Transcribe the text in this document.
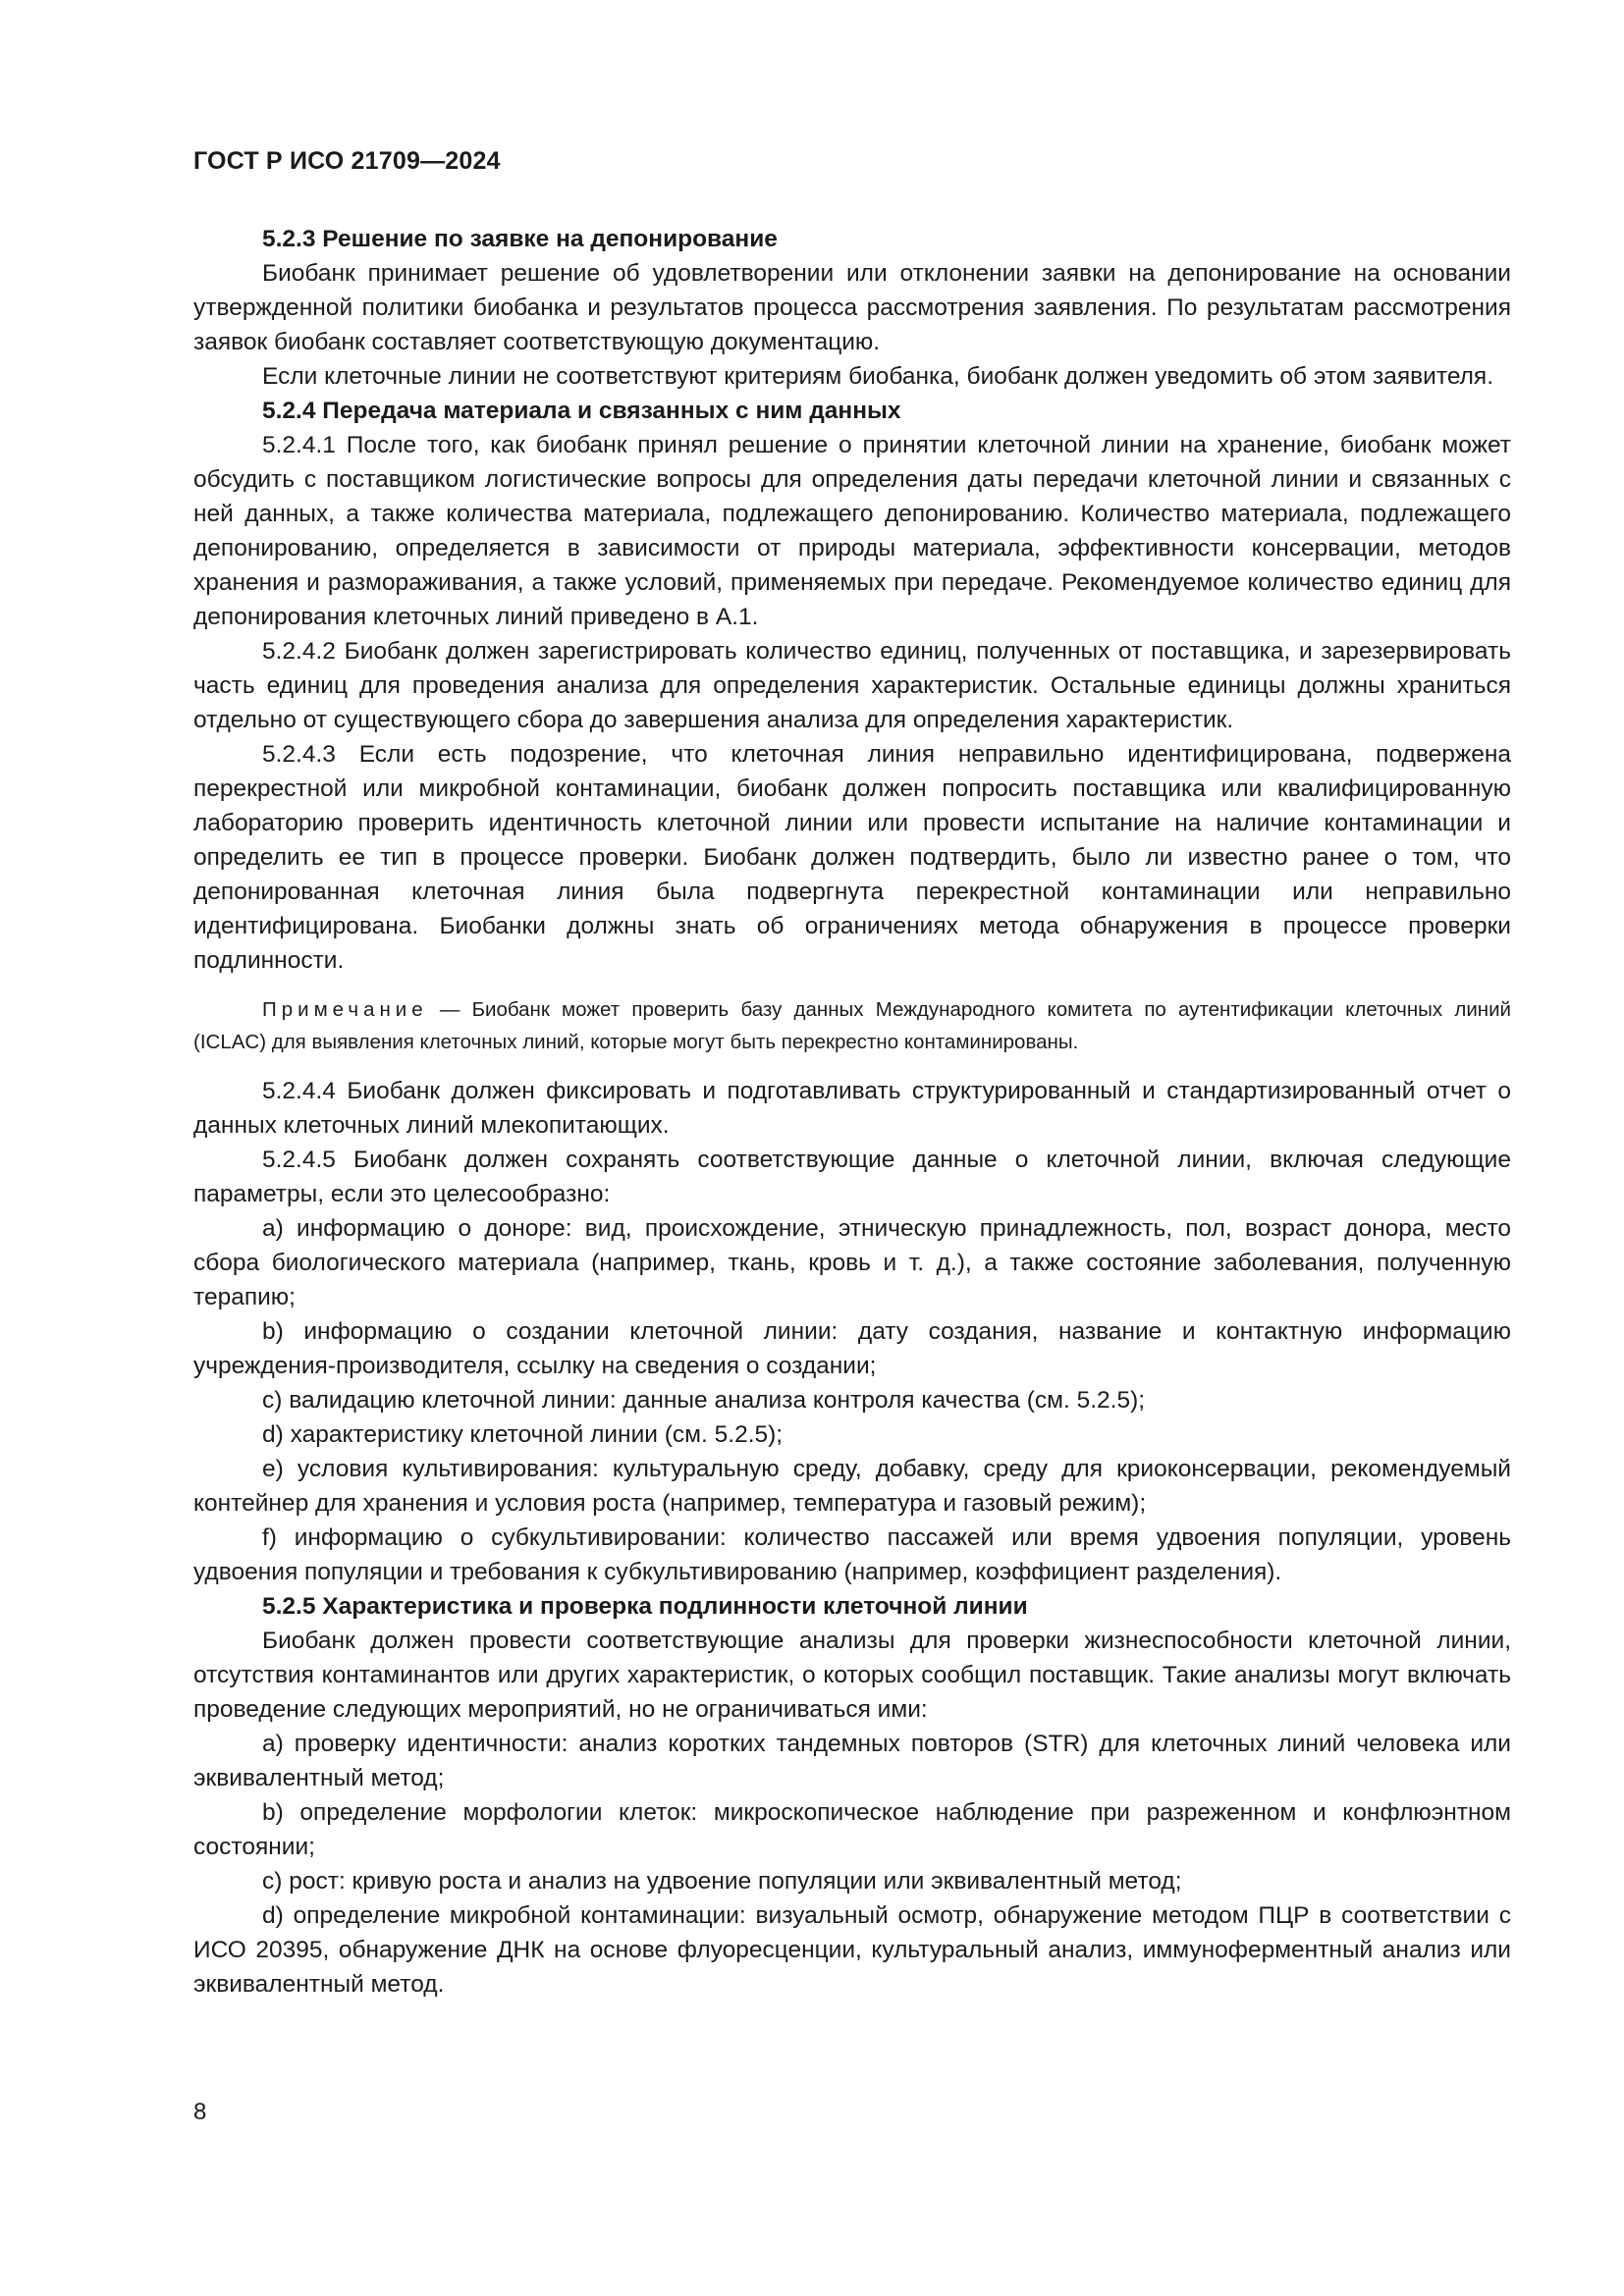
ГОСТ Р ИСО 21709—2024

5.2.3 Решение по заявке на депонирование

Биобанк принимает решение об удовлетворении или отклонении заявки на депонирование на основании утвержденной политики биобанка и результатов процесса рассмотрения заявления. По результатам рассмотрения заявок биобанк составляет соответствующую документацию.

Если клеточные линии не соответствуют критериям биобанка, биобанк должен уведомить об этом заявителя.

5.2.4 Передача материала и связанных с ним данных

5.2.4.1 После того, как биобанк принял решение о принятии клеточной линии на хранение, биобанк может обсудить с поставщиком логистические вопросы для определения даты передачи клеточной линии и связанных с ней данных, а также количества материала, подлежащего депонированию. Количество материала, подлежащего депонированию, определяется в зависимости от природы материала, эффективности консервации, методов хранения и размораживания, а также условий, применяемых при передаче. Рекомендуемое количество единиц для депонирования клеточных линий приведено в А.1.

5.2.4.2 Биобанк должен зарегистрировать количество единиц, полученных от поставщика, и зарезервировать часть единиц для проведения анализа для определения характеристик. Остальные единицы должны храниться отдельно от существующего сбора до завершения анализа для определения характеристик.

5.2.4.3 Если есть подозрение, что клеточная линия неправильно идентифицирована, подвержена перекрестной или микробной контаминации, биобанк должен попросить поставщика или квалифицированную лабораторию проверить идентичность клеточной линии или провести испытание на наличие контаминации и определить ее тип в процессе проверки. Биобанк должен подтвердить, было ли известно ранее о том, что депонированная клеточная линия была подвергнута перекрестной контаминации или неправильно идентифицирована. Биобанки должны знать об ограничениях метода обнаружения в процессе проверки подлинности.

Примечание — Биобанк может проверить базу данных Международного комитета по аутентификации клеточных линий (ICLAC) для выявления клеточных линий, которые могут быть перекрестно контаминированы.

5.2.4.4 Биобанк должен фиксировать и подготавливать структурированный и стандартизированный отчет о данных клеточных линий млекопитающих.

5.2.4.5 Биобанк должен сохранять соответствующие данные о клеточной линии, включая следующие параметры, если это целесообразно:

a) информацию о доноре: вид, происхождение, этническую принадлежность, пол, возраст донора, место сбора биологического материала (например, ткань, кровь и т. д.), а также состояние заболевания, полученную терапию;

b) информацию о создании клеточной линии: дату создания, название и контактную информацию учреждения-производителя, ссылку на сведения о создании;

c) валидацию клеточной линии: данные анализа контроля качества (см. 5.2.5);

d) характеристику клеточной линии (см. 5.2.5);

e) условия культивирования: культуральную среду, добавку, среду для криоконсервации, рекомендуемый контейнер для хранения и условия роста (например, температура и газовый режим);

f) информацию о субкультивировании: количество пассажей или время удвоения популяции, уровень удвоения популяции и требования к субкультивированию (например, коэффициент разделения).

5.2.5 Характеристика и проверка подлинности клеточной линии

Биобанк должен провести соответствующие анализы для проверки жизнеспособности клеточной линии, отсутствия контаминантов или других характеристик, о которых сообщил поставщик. Такие анализы могут включать проведение следующих мероприятий, но не ограничиваться ими:

a) проверку идентичности: анализ коротких тандемных повторов (STR) для клеточных линий человека или эквивалентный метод;

b) определение морфологии клеток: микроскопическое наблюдение при разреженном и конфлюэнтном состоянии;

c) рост: кривую роста и анализ на удвоение популяции или эквивалентный метод;

d) определение микробной контаминации: визуальный осмотр, обнаружение методом ПЦР в соответствии с ИСО 20395, обнаружение ДНК на основе флуоресценции, культуральный анализ, иммуноферментный анализ или эквивалентный метод.

8
